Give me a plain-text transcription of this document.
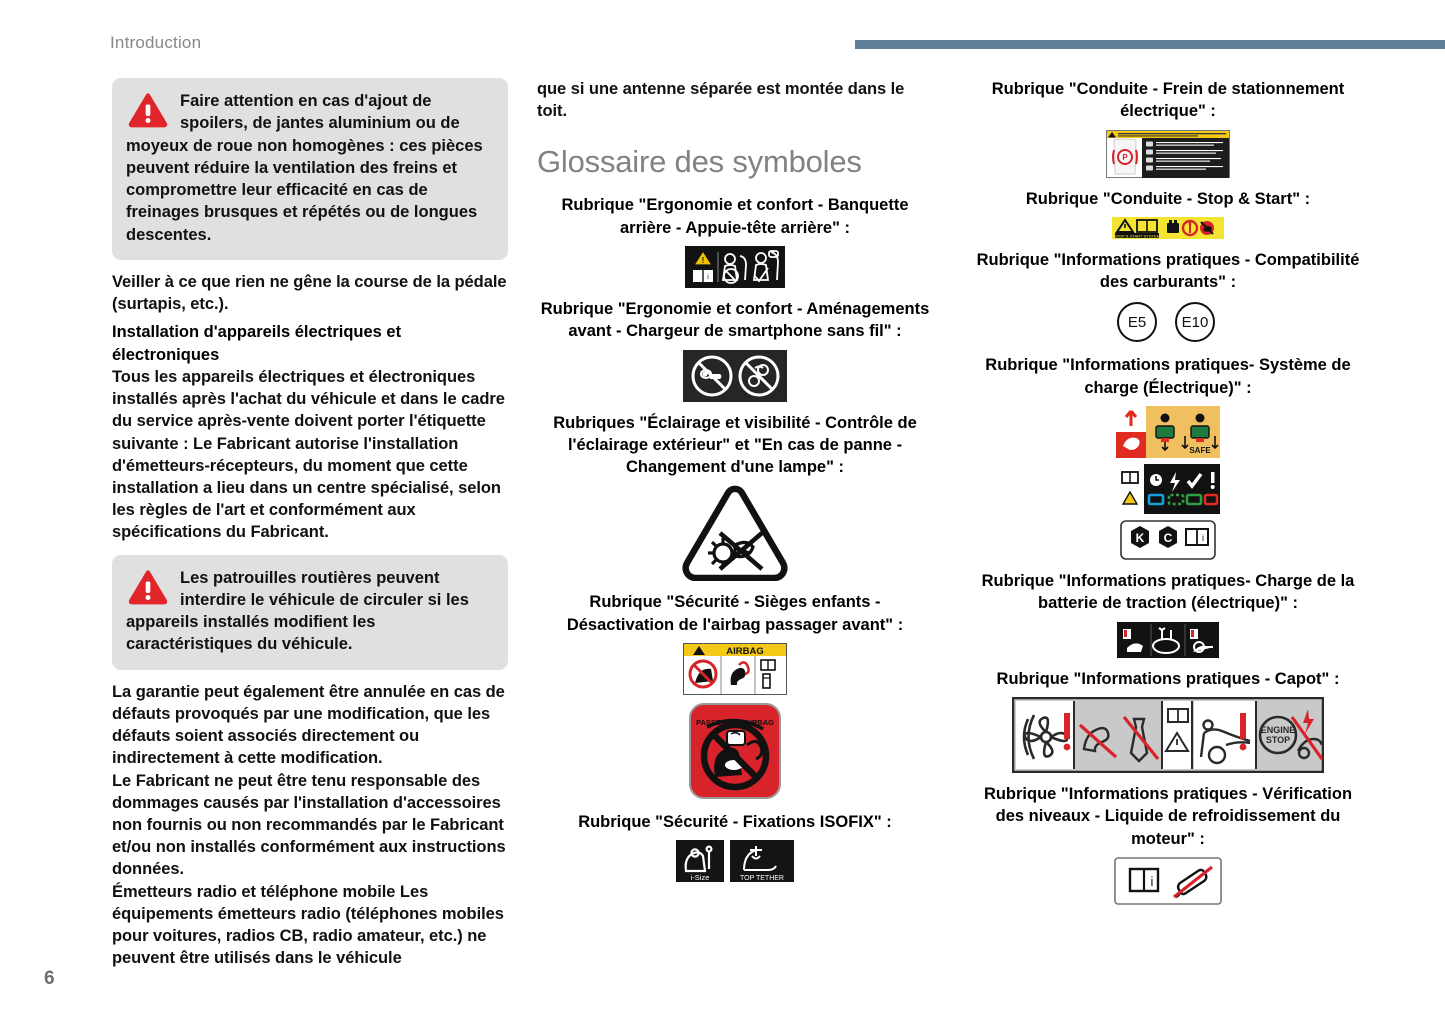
Introduction
6

Faire attention en cas d'ajout de spoilers, de jantes aluminium ou de moyeux de roue non homogènes : ces pièces peuvent réduire la ventilation des freins et compromettre leur efficacité en cas de freinages brusques et répétés ou de longues descentes.

Veiller à ce que rien ne gêne la course de la pédale (surtapis, etc.).

Installation d'appareils électriques et électroniques

Tous les appareils électriques et électroniques installés après l'achat du véhicule et dans le cadre du service après-vente doivent porter l'étiquette suivante : Le Fabricant autorise l'installation d'émetteurs-récepteurs, du moment que cette installation a lieu dans un centre spécialisé, selon les règles de l'art et conformément aux spécifications du Fabricant.

Les patrouilles routières peuvent interdire le véhicule de circuler si les appareils installés modifient les caractéristiques du véhicule.

La garantie peut également être annulée en cas de défauts provoqués par une modification, que les défauts soient associés directement ou indirectement à cette modification.

Le Fabricant ne peut être tenu responsable des dommages causés par l'installation d'accessoires non fournis ou non recommandés par le Fabricant et/ou non installés conformément aux instructions données.

Émetteurs radio et téléphone mobile Les équipements émetteurs radio (téléphones mobiles pour voitures, radios CB, radio amateur, etc.) ne peuvent être utilisés dans le véhicule

que si une antenne séparée est montée dans le toit.

Glossaire des symboles

Rubrique "Ergonomie et confort - Banquette arrière - Appuie-tête arrière" :

!
i

Rubrique "Ergonomie et confort - Aménagements avant - Chargeur de smartphone sans fil" :

Rubriques "Éclairage et visibilité - Contrôle de l'éclairage extérieur" et "En cas de panne - Changement d'une lampe" :

Rubrique "Sécurité - Sièges enfants - Désactivation de l'airbag passager avant" :

AIRBAG
PASSENGER AIRBAG

Rubrique "Sécurité - Fixations ISOFIX" :

i-Size	TOP TETHER

Rubrique "Conduite - Frein de stationnement électrique" :

P

Rubrique "Conduite - Stop & Start" :

STOP & START SYSTEM

Rubrique "Informations pratiques - Compatibilité des carburants" :

E5 E10

Rubrique "Informations pratiques- Système de charge (Électrique)" :

SAFE
K C	i

Rubrique "Informations pratiques- Charge de la batterie de traction (électrique)" :

Rubrique "Informations pratiques - Capot" :

ENGINE
STOP

Rubrique "Informations pratiques - Vérification des niveaux - Liquide de refroidissement du moteur" :

i
